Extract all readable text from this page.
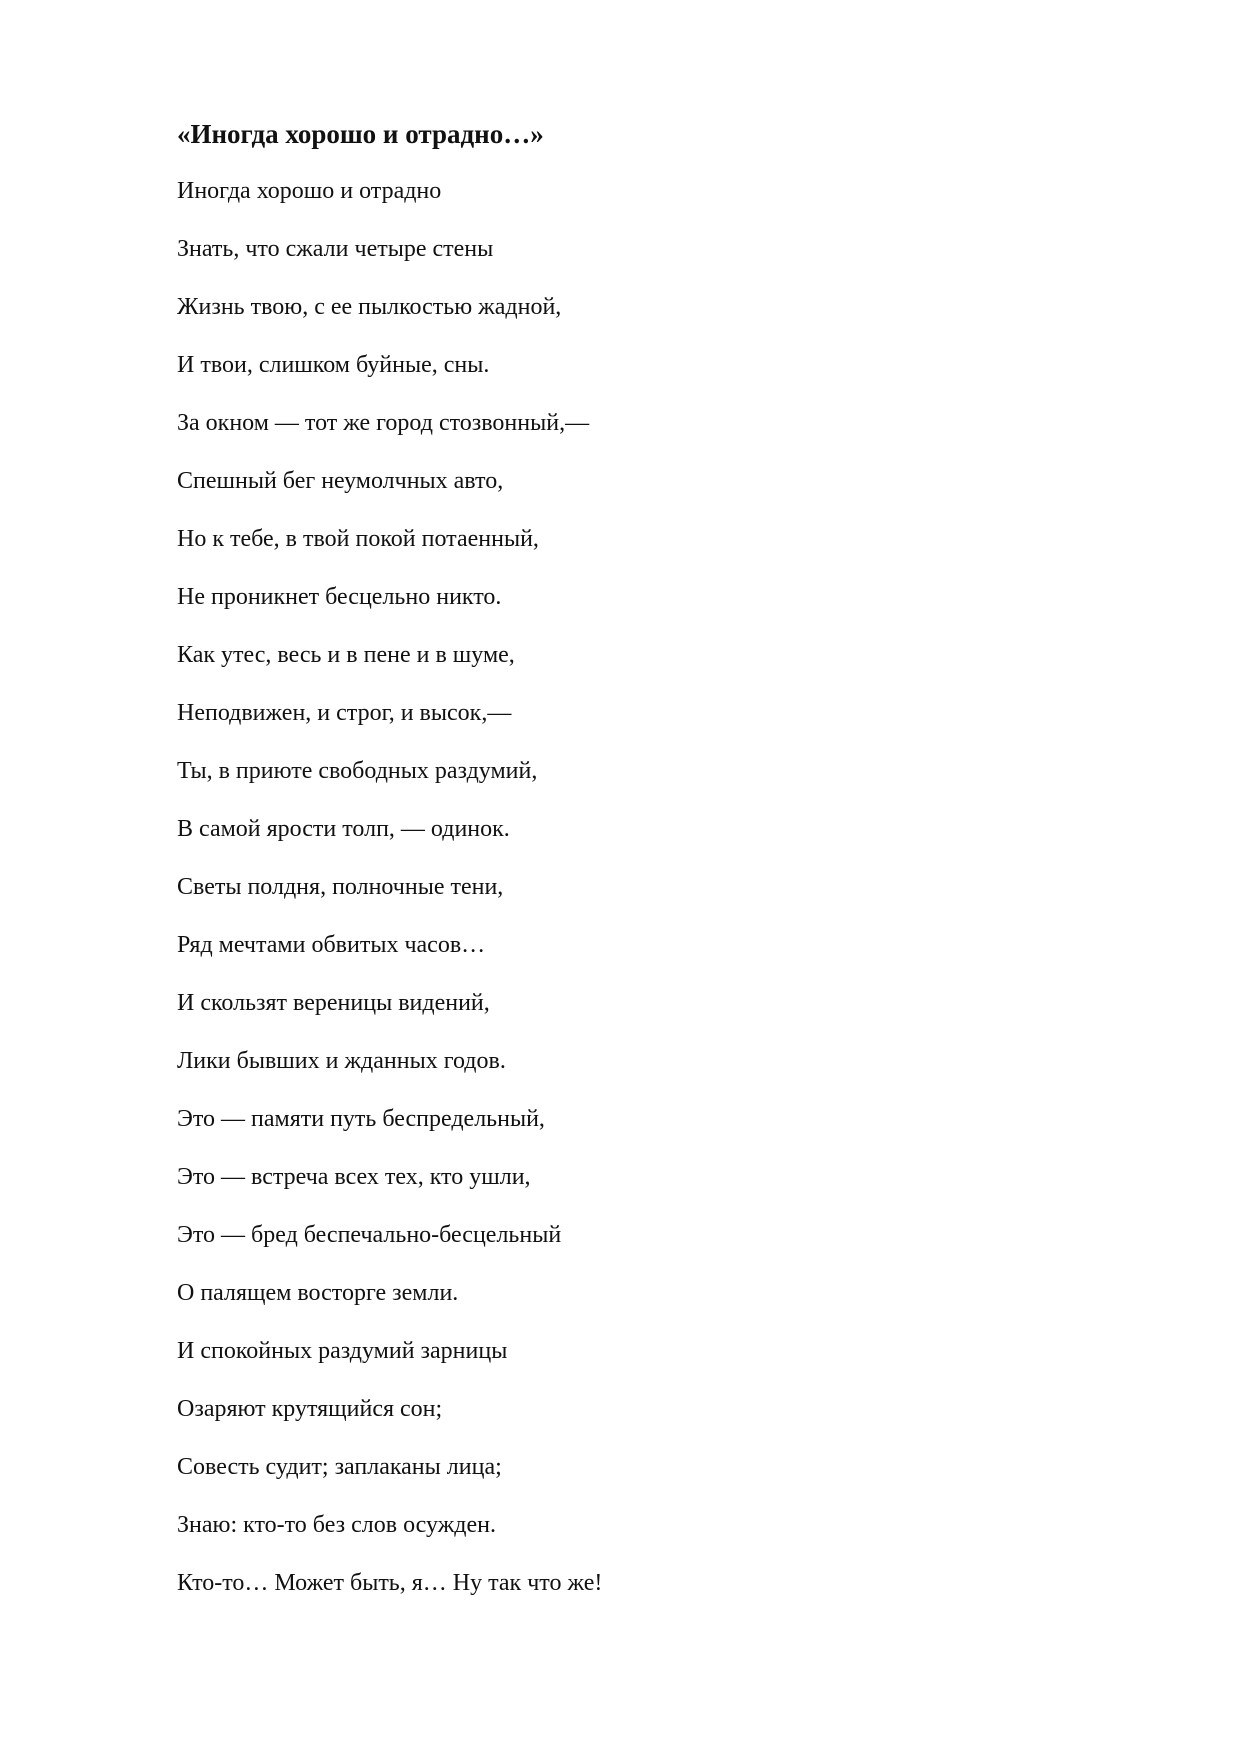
«Иногда хорошо и отрадно…»
Иногда хорошо и отрадно
Знать, что сжали четыре стены
Жизнь твою, с ее пылкостью жадной,
И твои, слишком буйные, сны.
За окном — тот же город стозвонный,—
Спешный бег неумолчных авто,
Но к тебе, в твой покой потаенный,
Не проникнет бесцельно никто.
Как утес, весь и в пене и в шуме,
Неподвижен, и строг, и высок,—
Ты, в приюте свободных раздумий,
В самой ярости толп, — одинок.
Светы полдня, полночные тени,
Ряд мечтами обвитых часов…
И скользят вереницы видений,
Лики бывших и жданных годов.
Это — памяти путь беспредельный,
Это — встреча всех тех, кто ушли,
Это — бред беспечально-бесцельный
О палящем восторге земли.
И спокойных раздумий зарницы
Озаряют крутящийся сон;
Совесть судит; заплаканы лица;
Знаю: кто-то без слов осужден.
Кто-то… Может быть, я… Ну так что же!
